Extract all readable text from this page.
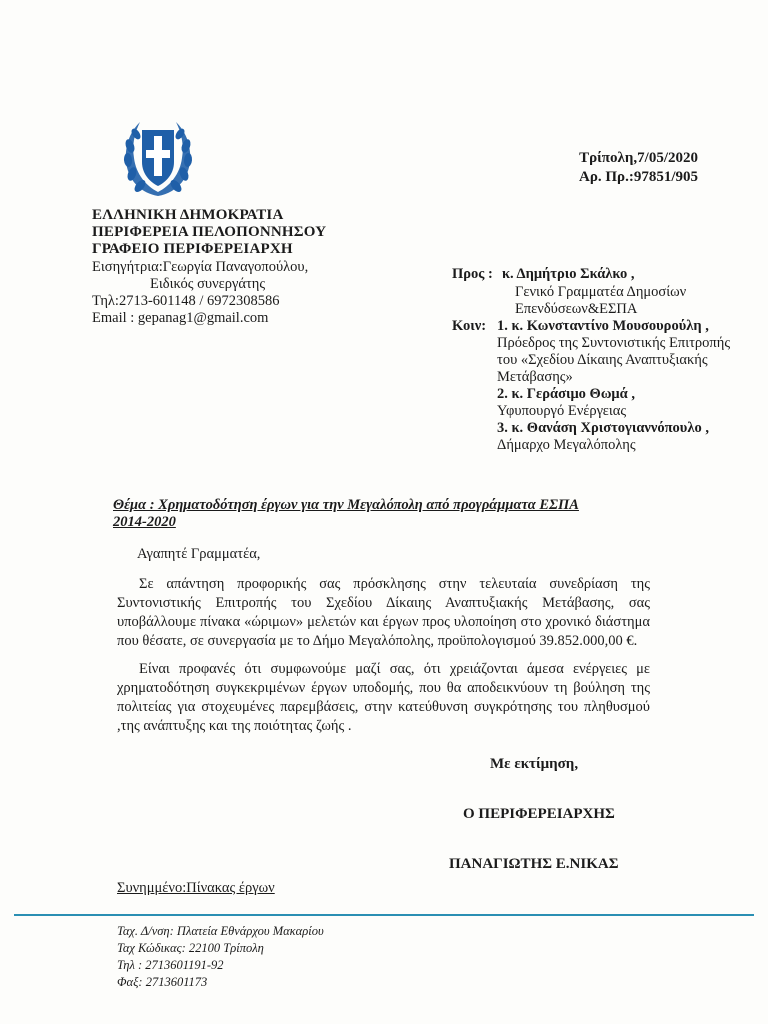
Τρίπολη,7/05/2020
Αρ. Πρ.:97851/905
ΕΛΛΗΝΙΚΗ ΔΗΜΟΚΡΑΤΙΑ
ΠΕΡΙΦΕΡΕΙΑ ΠΕΛΟΠΟΝΝΗΣΟΥ
ΓΡΑΦΕΙΟ ΠΕΡΙΦΕΡΕΙΑΡΧΗ
Εισηγήτρια:Γεωργία Παναγοπούλου,
Ειδικός συνεργάτης
Τηλ:2713-601148 / 6972308586
Email : gepanag1@gmail.com
Προς : κ. Δημήτριο Σκάλκο ,
Γενικό Γραμματέα Δημοσίων
Επενδύσεων&ΕΣΠΑ
Κοιν: 1. κ. Κωνσταντίνο Μουσουρούλη ,
Πρόεδρος της Συντονιστικής Επιτροπής
του «Σχεδίου Δίκαιης Αναπτυξιακής
Μετάβασης»
2. κ. Γεράσιμο Θωμά ,
Υφυπουργό Ενέργειας
3. κ. Θανάση Χριστογιαννόπουλο ,
Δήμαρχο Μεγαλόπολης
Θέμα : Χρηματοδότηση έργων για την Μεγαλόπολη από προγράμματα ΕΣΠΑ
2014-2020
Αγαπητέ Γραμματέα,
Σε απάντηση προφορικής σας πρόσκλησης στην τελευταία συνεδρίαση της Συντονιστικής Επιτροπής του Σχεδίου Δίκαιης Αναπτυξιακής Μετάβασης, σας υποβάλλουμε πίνακα «ώριμων» μελετών και έργων προς υλοποίηση στο χρονικό διάστημα που θέσατε, σε συνεργασία με το Δήμο Μεγαλόπολης, προϋπολογισμού 39.852.000,00 €.
Είναι προφανές ότι συμφωνούμε μαζί σας, ότι χρειάζονται άμεσα ενέργειες με χρηματοδότηση συγκεκριμένων έργων υποδομής, που θα αποδεικνύουν τη βούληση της πολιτείας για στοχευμένες παρεμβάσεις, στην κατεύθυνση συγκρότησης του πληθυσμού ,της ανάπτυξης και της ποιότητας ζωής .
Με εκτίμηση,
Ο ΠΕΡΙΦΕΡΕΙΑΡΧΗΣ
ΠΑΝΑΓΙΩΤΗΣ Ε.ΝΙΚΑΣ
Συνημμένο:Πίνακας έργων
Ταχ. Δ/νση: Πλατεία Εθνάρχου Μακαρίου
Ταχ Κώδικας: 22100 Τρίπολη
Τηλ : 2713601191-92
Φαξ: 2713601173
